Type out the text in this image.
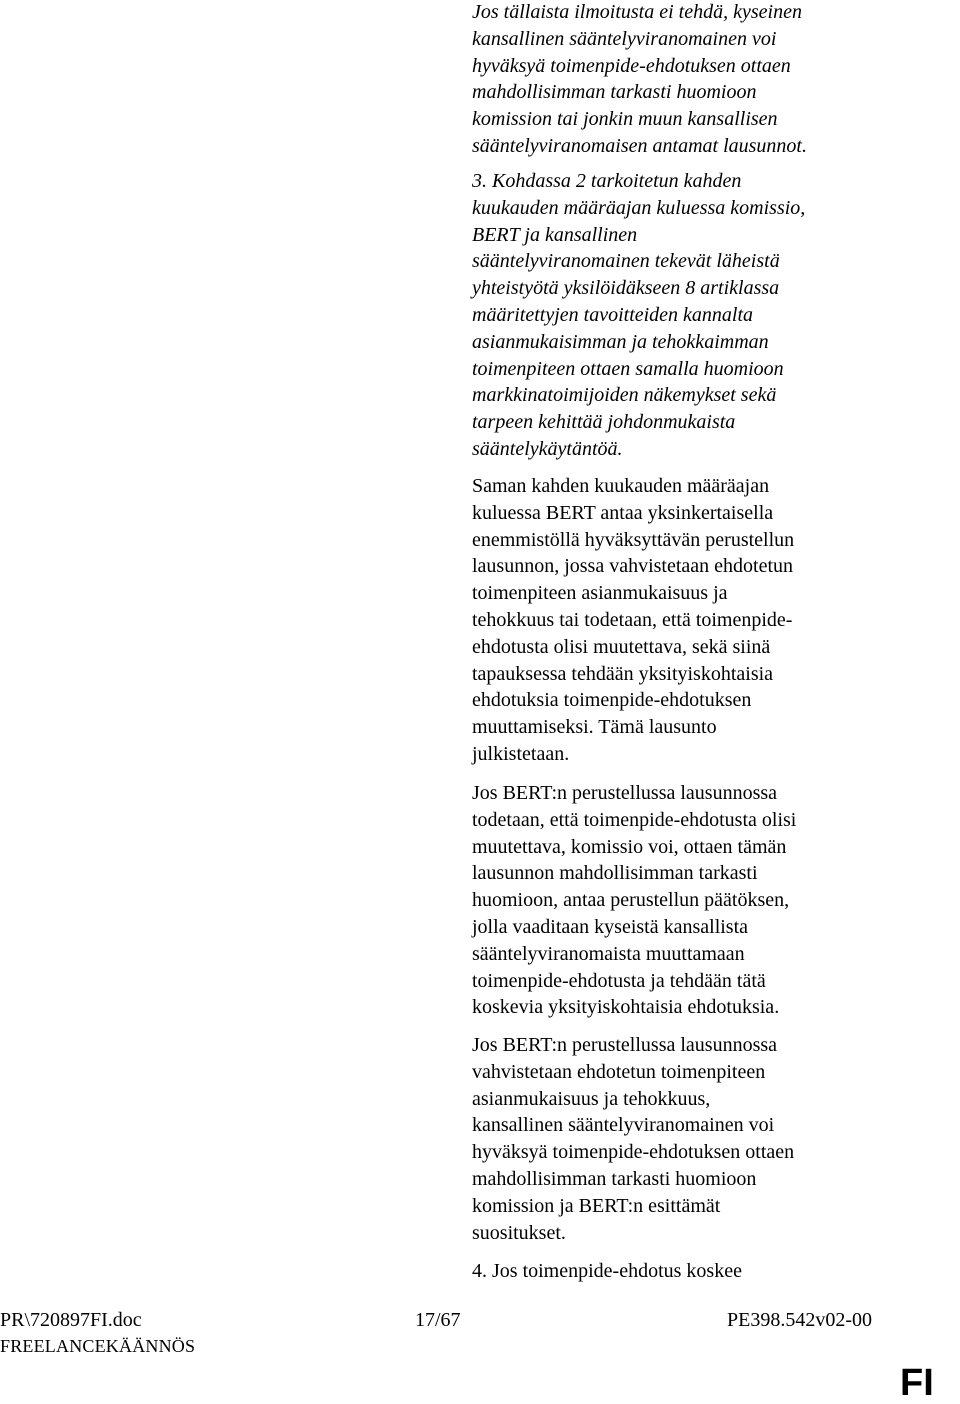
Jos tällaista ilmoitusta ei tehdä, kyseinen
kansallinen sääntelyviranomainen voi
hyväksyä toimenpide-ehdotuksen ottaen
mahdollisimman tarkasti huomioon
komission tai jonkin muun kansallisen
sääntelyviranomaisen antamat lausunnot.

3. Kohdassa 2 tarkoitetun kahden
kuukauden määräajan kuluessa komissio,
BERT ja kansallinen
sääntelyviranomainen tekevät läheistä
yhteistyötä yksilöidäkseen 8 artiklassa
määritettyjen tavoitteiden kannalta
asianmukaisimman ja tehokkaimman
toimenpiteen ottaen samalla huomioon
markkinatoimijoiden näkemykset sekä
tarpeen kehittää johdonmukaista
sääntelykäytäntöä.

Saman kahden kuukauden määräajan
kuluessa BERT antaa yksinkertaisella
enemmistöllä hyväksyttävän perustellun
lausunnon, jossa vahvistetaan ehdotetun
toimenpiteen asianmukaisuus ja
tehokkuus tai todetaan, että toimenpide-
ehdotusta olisi muutettava, sekä siinä
tapauksessa tehdään yksityiskohtaisia
ehdotuksia toimenpide-ehdotuksen
muuttamiseksi. Tämä lausunto
julkistetaan.

Jos BERT:n perustellussa lausunnossa
todetaan, että toimenpide-ehdotusta olisi
muutettava, komissio voi, ottaen tämän
lausunnon mahdollisimman tarkasti
huomioon, antaa perustellun päätöksen,
jolla vaaditaan kyseistä kansallista
sääntelyviranomaista muuttamaan
toimenpide-ehdotusta ja tehdään tätä
koskevia yksityiskohtaisia ehdotuksia.

Jos BERT:n perustellussa lausunnossa
vahvistetaan ehdotetun toimenpiteen
asianmukaisuus ja tehokkuus,
kansallinen sääntelyviranomainen voi
hyväksyä toimenpide-ehdotuksen ottaen
mahdollisimman tarkasti huomioon
komission ja BERT:n esittämät
suositukset.

4. Jos toimenpide-ehdotus koskee

PR\720897FI.doc	17/67	PE398.542v02-00
FREELANCEKÄÄNNÖS
FI
